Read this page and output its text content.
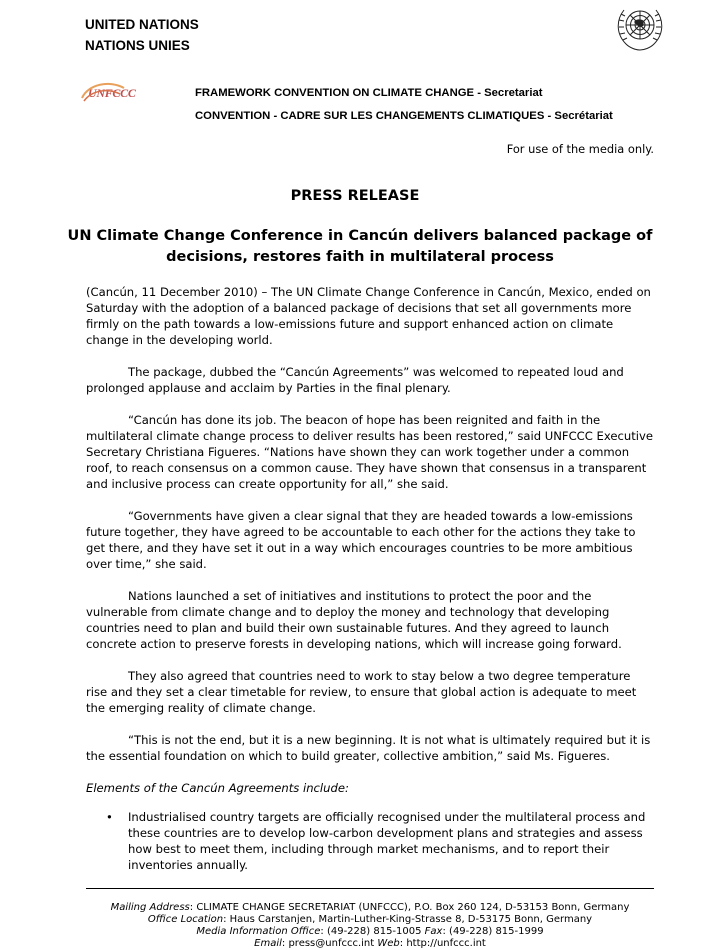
UNITED NATIONS
NATIONS UNIES
UNFCCC	FRAMEWORK CONVENTION ON CLIMATE CHANGE - Secretariat
CONVENTION - CADRE SUR LES CHANGEMENTS CLIMATIQUES - Secrétariat
For use of the media only.
PRESS RELEASE
UN Climate Change Conference in Cancún delivers balanced package of decisions, restores faith in multilateral process

(Cancún, 11 December 2010) – The UN Climate Change Conference in Cancún, Mexico, ended on Saturday with the adoption of a balanced package of decisions that set all governments more firmly on the path towards a low-emissions future and support enhanced action on climate change in the developing world.

The package, dubbed the “Cancún Agreements” was welcomed to repeated loud and prolonged applause and acclaim by Parties in the final plenary.

“Cancún has done its job. The beacon of hope has been reignited and faith in the multilateral climate change process to deliver results has been restored,” said UNFCCC Executive Secretary Christiana Figueres. “Nations have shown they can work together under a common roof, to reach consensus on a common cause. They have shown that consensus in a transparent and inclusive process can create opportunity for all,” she said.

“Governments have given a clear signal that they are headed towards a low-emissions future together, they have agreed to be accountable to each other for the actions they take to get there, and they have set it out in a way which encourages countries to be more ambitious over time,” she said.

Nations launched a set of initiatives and institutions to protect the poor and the vulnerable from climate change and to deploy the money and technology that developing countries need to plan and build their own sustainable futures. And they agreed to launch concrete action to preserve forests in developing nations, which will increase going forward.

They also agreed that countries need to work to stay below a two degree temperature rise and they set a clear timetable for review, to ensure that global action is adequate to meet the emerging reality of climate change.

“This is not the end, but it is a new beginning. It is not what is ultimately required but it is the essential foundation on which to build greater, collective ambition,” said Ms. Figueres.

Elements of the Cancún Agreements include:

• Industrialised country targets are officially recognised under the multilateral process and these countries are to develop low-carbon development plans and strategies and assess how best to meet them, including through market mechanisms, and to report their inventories annually.
Mailing Address: CLIMATE CHANGE SECRETARIAT (UNFCCC), P.O. Box 260 124, D-53153 Bonn, Germany
Office Location: Haus Carstanjen, Martin-Luther-King-Strasse 8, D-53175 Bonn, Germany
Media Information Office: (49-228) 815-1005 Fax: (49-228) 815-1999
Email: press@unfccc.int Web: http://unfccc.int
